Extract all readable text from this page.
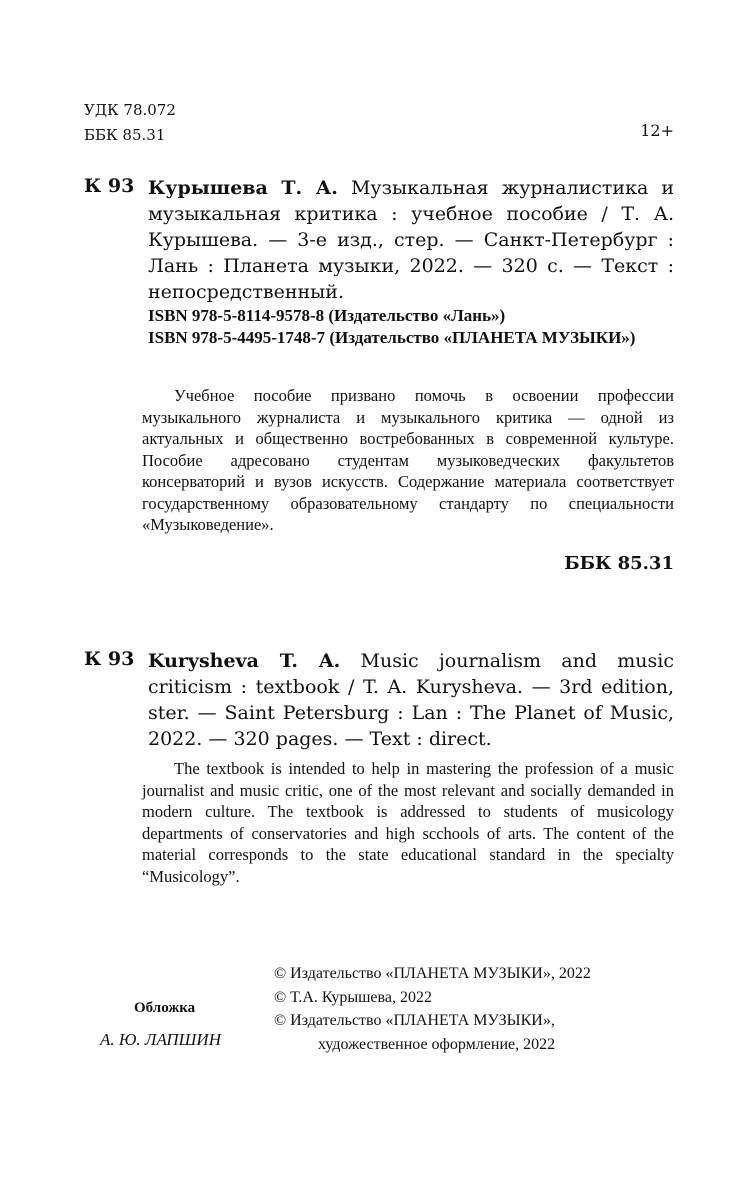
УДК 78.072
ББК 85.31	12+
К 93 Курышева Т. А. Музыкальная журналистика и музыкальная критика : учебное пособие / Т. А. Курышева. — 3-е изд., стер. — Санкт-Петербург : Лань : Планета музыки, 2022. — 320 с. — Текст : непосредственный.
ISBN 978-5-8114-9578-8 (Издательство «Лань»)
ISBN 978-5-4495-1748-7 (Издательство «ПЛАНЕТА МУЗЫКИ»)
Учебное пособие призвано помочь в освоении профессии музыкального журналиста и музыкального критика — одной из актуальных и общественно востребованных в современной культуре. Пособие адресовано студентам музыковедческих факультетов консерваторий и вузов искусств. Содержание материала соответствует государственному образовательному стандарту по специальности «Музыковедение».
ББК 85.31
К 93 Kurysheva T. A. Music journalism and music criticism : textbook / T. A. Kurysheva. — 3rd edition, ster. — Saint Petersburg : Lan : The Planet of Music, 2022. — 320 pages. — Text : direct.
The textbook is intended to help in mastering the profession of a music journalist and music critic, one of the most relevant and socially demanded in modern culture. The textbook is addressed to students of musicology departments of conservatories and high scchools of arts. The content of the material corresponds to the state educational standard in the specialty “Musicology”.
© Издательство «ПЛАНЕТА МУЗЫКИ», 2022
© Т.А. Курышева, 2022
© Издательство «ПЛАНЕТА МУЗЫКИ»,
художественное оформление, 2022
Обложка
А. Ю. ЛАПШИН
